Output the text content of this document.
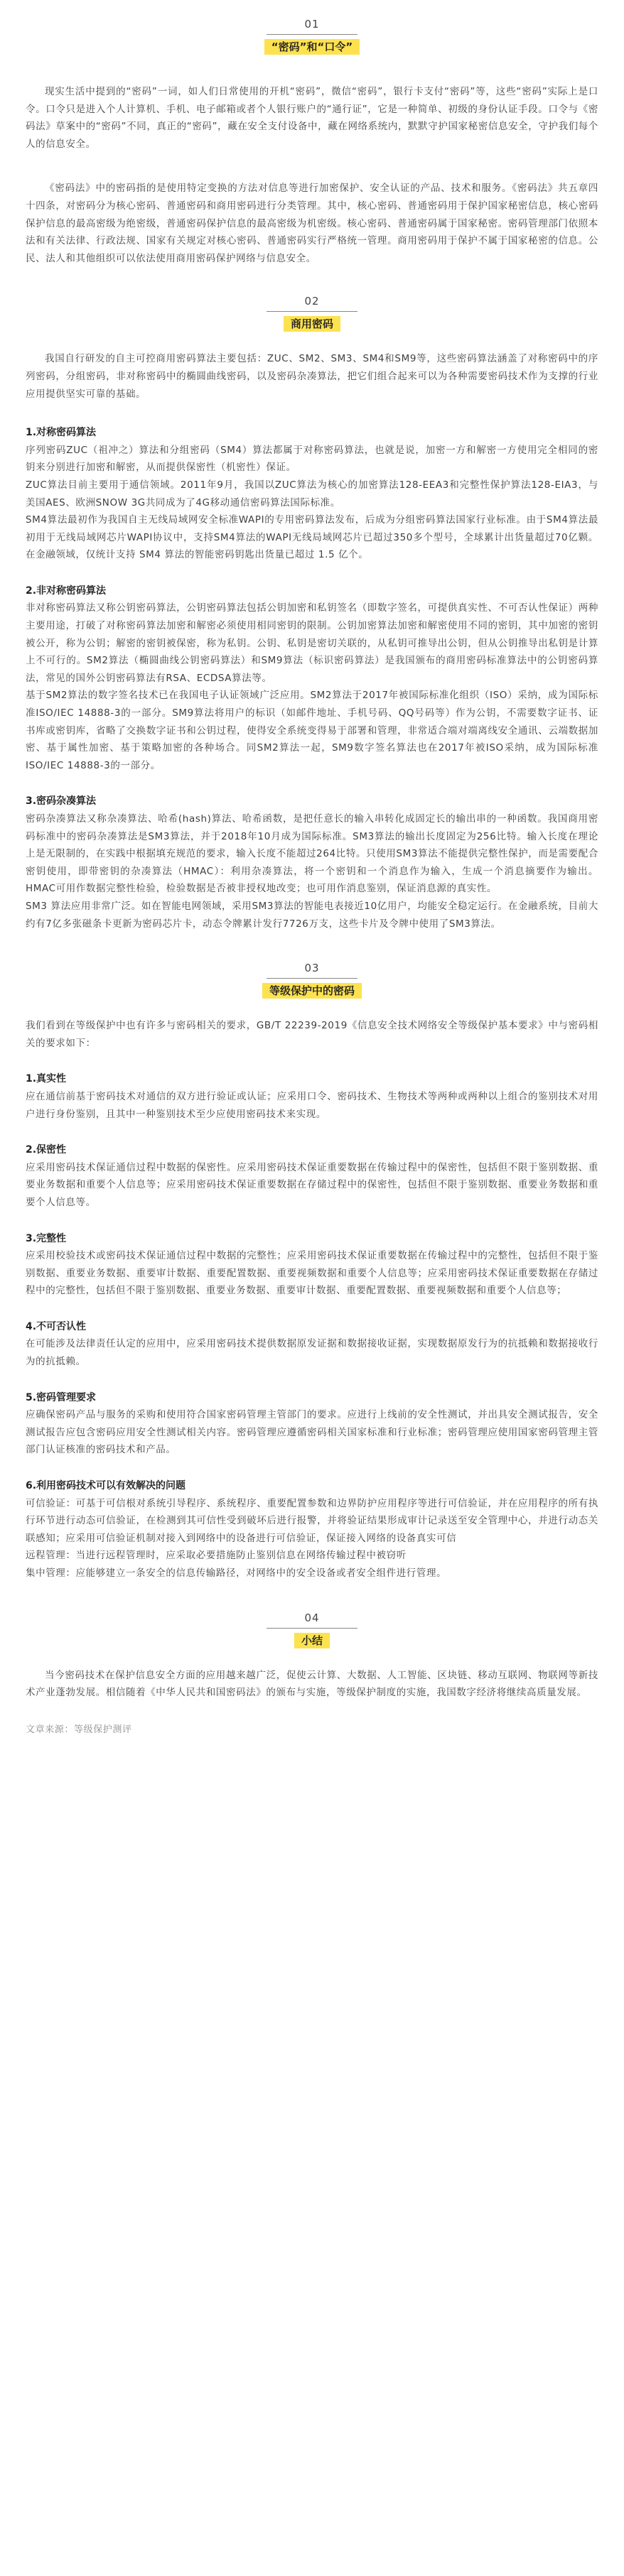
01
“密码”和“口令”

现实生活中提到的“密码”一词，如人们日常使用的开机“密码”，微信“密码”，银行卡支付“密码”等，这些“密码”实际上是口令。口令只是进入个人计算机、手机、电子邮箱或者个人银行账户的“通行证”，它是一种简单、初级的身份认证手段。口令与《密码法》草案中的“密码”不同，真正的“密码”，藏在安全支付设备中，藏在网络系统内，默默守护国家秘密信息安全，守护我们每个人的信息安全。

《密码法》中的密码指的是使用特定变换的方法对信息等进行加密保护、安全认证的产品、技术和服务。《密码法》共五章四十四条，对密码分为核心密码、普通密码和商用密码进行分类管理。其中，核心密码、普通密码用于保护国家秘密信息，核心密码保护信息的最高密级为绝密级，普通密码保护信息的最高密级为机密级。核心密码、普通密码属于国家秘密。密码管理部门依照本法和有关法律、行政法规、国家有关规定对核心密码、普通密码实行严格统一管理。商用密码用于保护不属于国家秘密的信息。公民、法人和其他组织可以依法使用商用密码保护网络与信息安全。

02
商用密码

我国自行研发的自主可控商用密码算法主要包括：ZUC、SM2、SM3、SM4和SM9等，这些密码算法涵盖了对称密码中的序列密码，分组密码，非对称密码中的椭圆曲线密码，以及密码杂凑算法，把它们组合起来可以为各种需要密码技术作为支撑的行业应用提供坚实可靠的基础。

1.对称密码算法

序列密码ZUC（祖冲之）算法和分组密码（SM4）算法都属于对称密码算法，也就是说，加密一方和解密一方使用完全相同的密钥来分别进行加密和解密，从而提供保密性（机密性）保证。

ZUC算法目前主要用于通信领域。2011年9月，我国以ZUC算法为核心的加密算法128-EEA3和完整性保护算法128-EIA3，与美国AES、欧洲SNOW 3G共同成为了4G移动通信密码算法国际标准。

SM4算法最初作为我国自主无线局域网安全标准WAPI的专用密码算法发布，后成为分组密码算法国家行业标准。由于SM4算法最初用于无线局域网芯片WAPI协议中，支持SM4算法的WAPI无线局域网芯片已超过350多个型号，全球累计出货量超过70亿颗。在金融领域，仅统计支持 SM4 算法的智能密码钥匙出货量已超过 1.5 亿个。

2.非对称密码算法

非对称密码算法又称公钥密码算法，公钥密码算法包括公钥加密和私钥签名（即数字签名，可提供真实性、不可否认性保证）两种主要用途，打破了对称密码算法加密和解密必须使用相同密钥的限制。公钥加密算法加密和解密使用不同的密钥，其中加密的密钥被公开，称为公钥；解密的密钥被保密，称为私钥。公钥、私钥是密切关联的，从私钥可推导出公钥，但从公钥推导出私钥是计算上不可行的。SM2算法（椭圆曲线公钥密码算法）和SM9算法（标识密码算法）是我国颁布的商用密码标准算法中的公钥密码算法，常见的国外公钥密码算法有RSA、ECDSA算法等。

基于SM2算法的数字签名技术已在我国电子认证领域广泛应用。SM2算法于2017年被国际标准化组织（ISO）采纳，成为国际标准ISO/IEC 14888-3的一部分。SM9算法将用户的标识（如邮件地址、手机号码、QQ号码等）作为公钥，不需要数字证书、证书库或密钥库，省略了交换数字证书和公钥过程，使得安全系统变得易于部署和管理，非常适合端对端离线安全通讯、云端数据加密、基于属性加密、基于策略加密的各种场合。同SM2算法一起，SM9数字签名算法也在2017年被ISO采纳，成为国际标准ISO/IEC 14888-3的一部分。

3.密码杂凑算法

密码杂凑算法又称杂凑算法、哈希(hash)算法、哈希函数，是把任意长的输入串转化成固定长的输出串的一种函数。我国商用密码标准中的密码杂凑算法是SM3算法，并于2018年10月成为国际标准。SM3算法的输出长度固定为256比特。输入长度在理论上是无限制的，在实践中根据填充规范的要求，输入长度不能超过264比特。只使用SM3算法不能提供完整性保护，而是需要配合密钥使用，即带密钥的杂凑算法（HMAC）：利用杂凑算法，将一个密钥和一个消息作为输入，生成一个消息摘要作为输出。HMAC可用作数据完整性检验，检验数据是否被非授权地改变；也可用作消息鉴别，保证消息源的真实性。

SM3 算法应用非常广泛。如在智能电网领域，采用SM3算法的智能电表接近10亿用户，均能安全稳定运行。在金融系统，目前大约有7亿多张磁条卡更新为密码芯片卡，动态令牌累计发行7726万支，这些卡片及令牌中使用了SM3算法。

03
等级保护中的密码

我们看到在等级保护中也有许多与密码相关的要求，GB/T 22239-2019《信息安全技术网络安全等级保护基本要求》中与密码相关的要求如下：

1.真实性

应在通信前基于密码技术对通信的双方进行验证或认证；应采用口令、密码技术、生物技术等两种或两种以上组合的鉴别技术对用户进行身份鉴别，且其中一种鉴别技术至少应使用密码技术来实现。

2.保密性

应采用密码技术保证通信过程中数据的保密性。应采用密码技术保证重要数据在传输过程中的保密性，包括但不限于鉴别数据、重要业务数据和重要个人信息等；应采用密码技术保证重要数据在存储过程中的保密性，包括但不限于鉴别数据、重要业务数据和重要个人信息等。

3.完整性

应采用校验技术或密码技术保证通信过程中数据的完整性；应采用密码技术保证重要数据在传输过程中的完整性，包括但不限于鉴别数据、重要业务数据、重要审计数据、重要配置数据、重要视频数据和重要个人信息等；应采用密码技术保证重要数据在存储过程中的完整性，包括但不限于鉴别数据、重要业务数据、重要审计数据、重要配置数据、重要视频数据和重要个人信息等；

4.不可否认性

在可能涉及法律责任认定的应用中，应采用密码技术提供数据原发证据和数据接收证据，实现数据原发行为的抗抵赖和数据接收行为的抗抵赖。

5.密码管理要求

应确保密码产品与服务的采购和使用符合国家密码管理主管部门的要求。应进行上线前的安全性测试，并出具安全测试报告，安全测试报告应包含密码应用安全性测试相关内容。密码管理应遵循密码相关国家标准和行业标准；密码管理应使用国家密码管理主管部门认证核准的密码技术和产品。

6.利用密码技术可以有效解决的问题

可信验证：可基于可信根对系统引导程序、系统程序、重要配置参数和边界防护应用程序等进行可信验证，并在应用程序的所有执行环节进行动态可信验证，在检测到其可信性受到破坏后进行报警，并将验证结果形成审计记录送至安全管理中心，并进行动态关联感知；应采用可信验证机制对接入到网络中的设备进行可信验证，保证接入网络的设备真实可信

远程管理：当进行远程管理时，应采取必要措施防止鉴别信息在网络传输过程中被窃听

集中管理：应能够建立一条安全的信息传输路径，对网络中的安全设备或者安全组件进行管理。

04
小结

当今密码技术在保护信息安全方面的应用越来越广泛，促使云计算、大数据、人工智能、区块链、移动互联网、物联网等新技术产业蓬勃发展。相信随着《中华人民共和国密码法》的颁布与实施，等级保护制度的实施，我国数字经济将继续高质量发展。

文章来源：等级保护测评
